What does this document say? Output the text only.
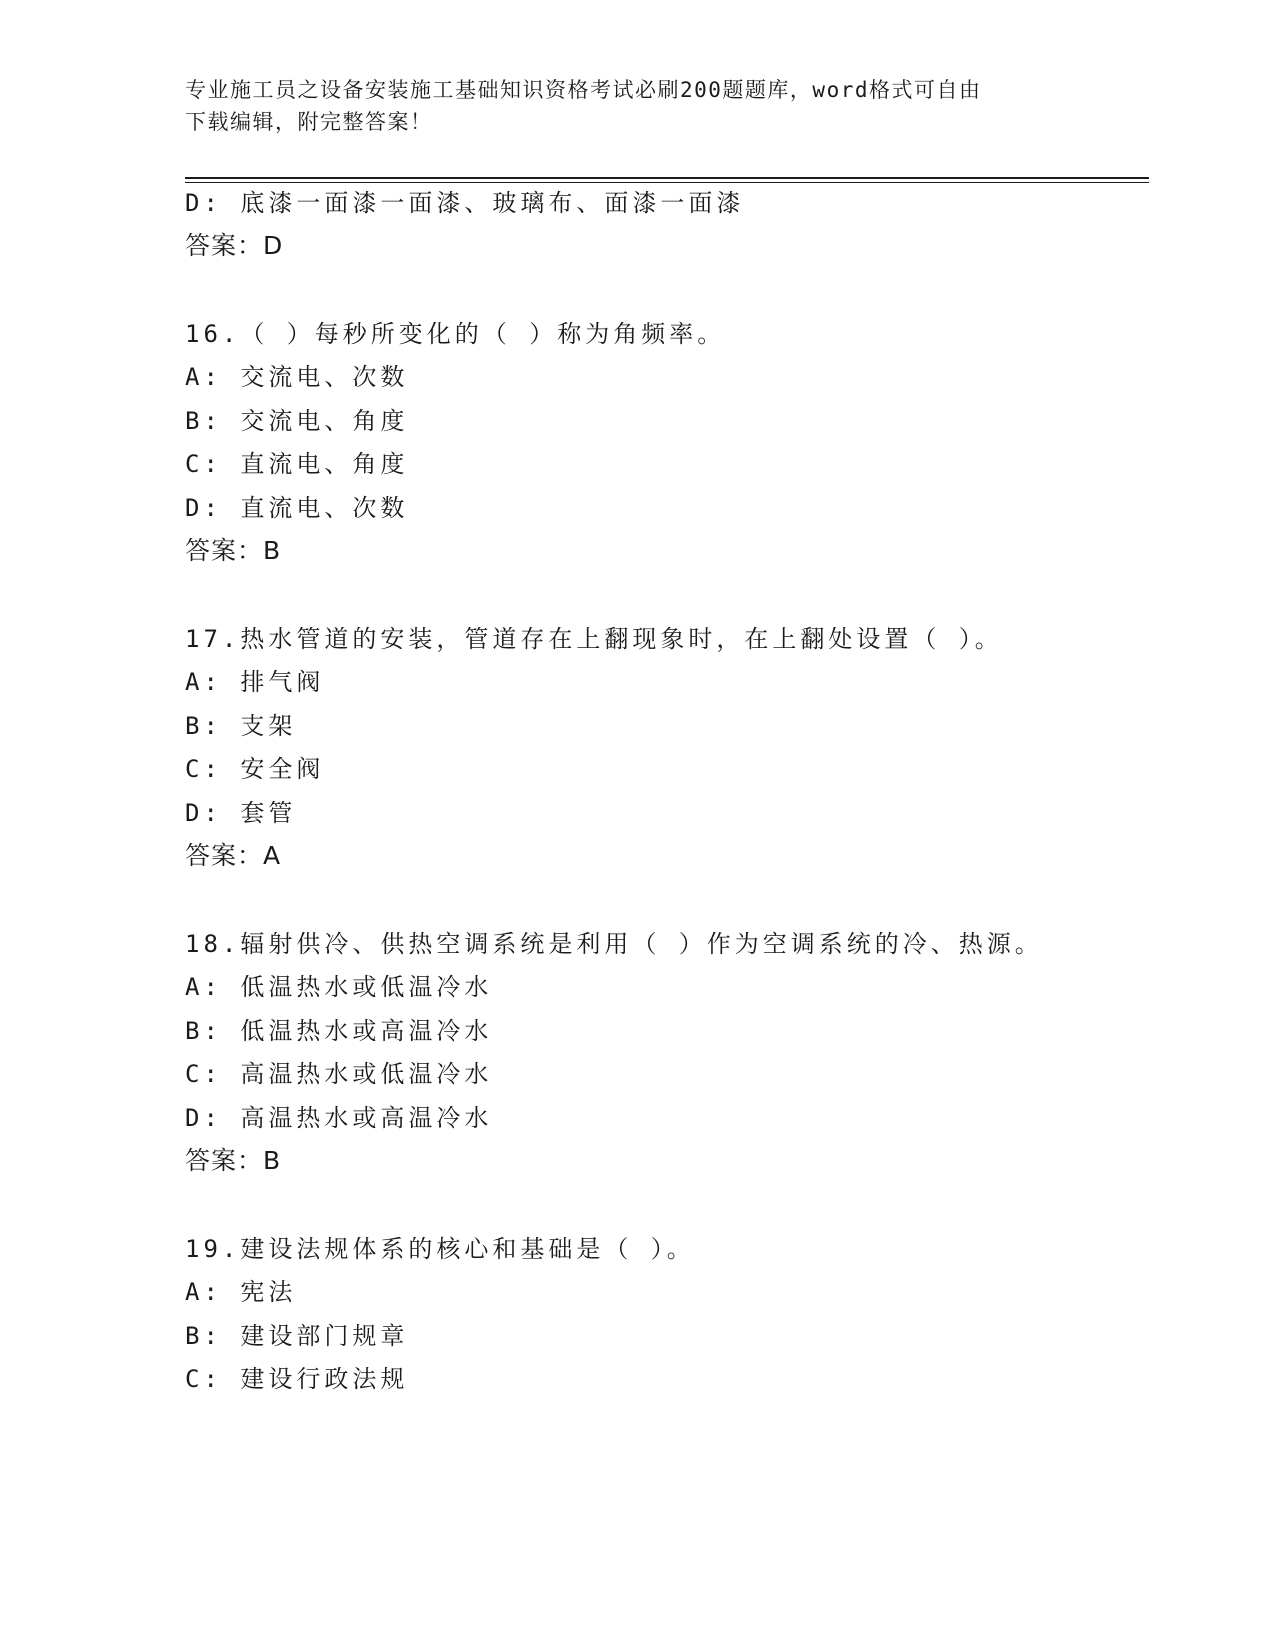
专业施工员之设备安装施工基础知识资格考试必刷200题题库，word格式可自由
下载编辑，附完整答案！
D: 底漆一面漆一面漆、玻璃布、面漆一面漆
答案：D
16.（ ）每秒所变化的（ ）称为角频率。
A: 交流电、次数
B: 交流电、角度
C: 直流电、角度
D: 直流电、次数
答案：B
17.热水管道的安装，管道存在上翻现象时，在上翻处设置（ ）。
A: 排气阀
B: 支架
C: 安全阀
D: 套管
答案：A
18.辐射供冷、供热空调系统是利用（ ）作为空调系统的冷、热源。
A: 低温热水或低温冷水
B: 低温热水或高温冷水
C: 高温热水或低温冷水
D: 高温热水或高温冷水
答案：B
19.建设法规体系的核心和基础是（ ）。
A: 宪法
B: 建设部门规章
C: 建设行政法规
